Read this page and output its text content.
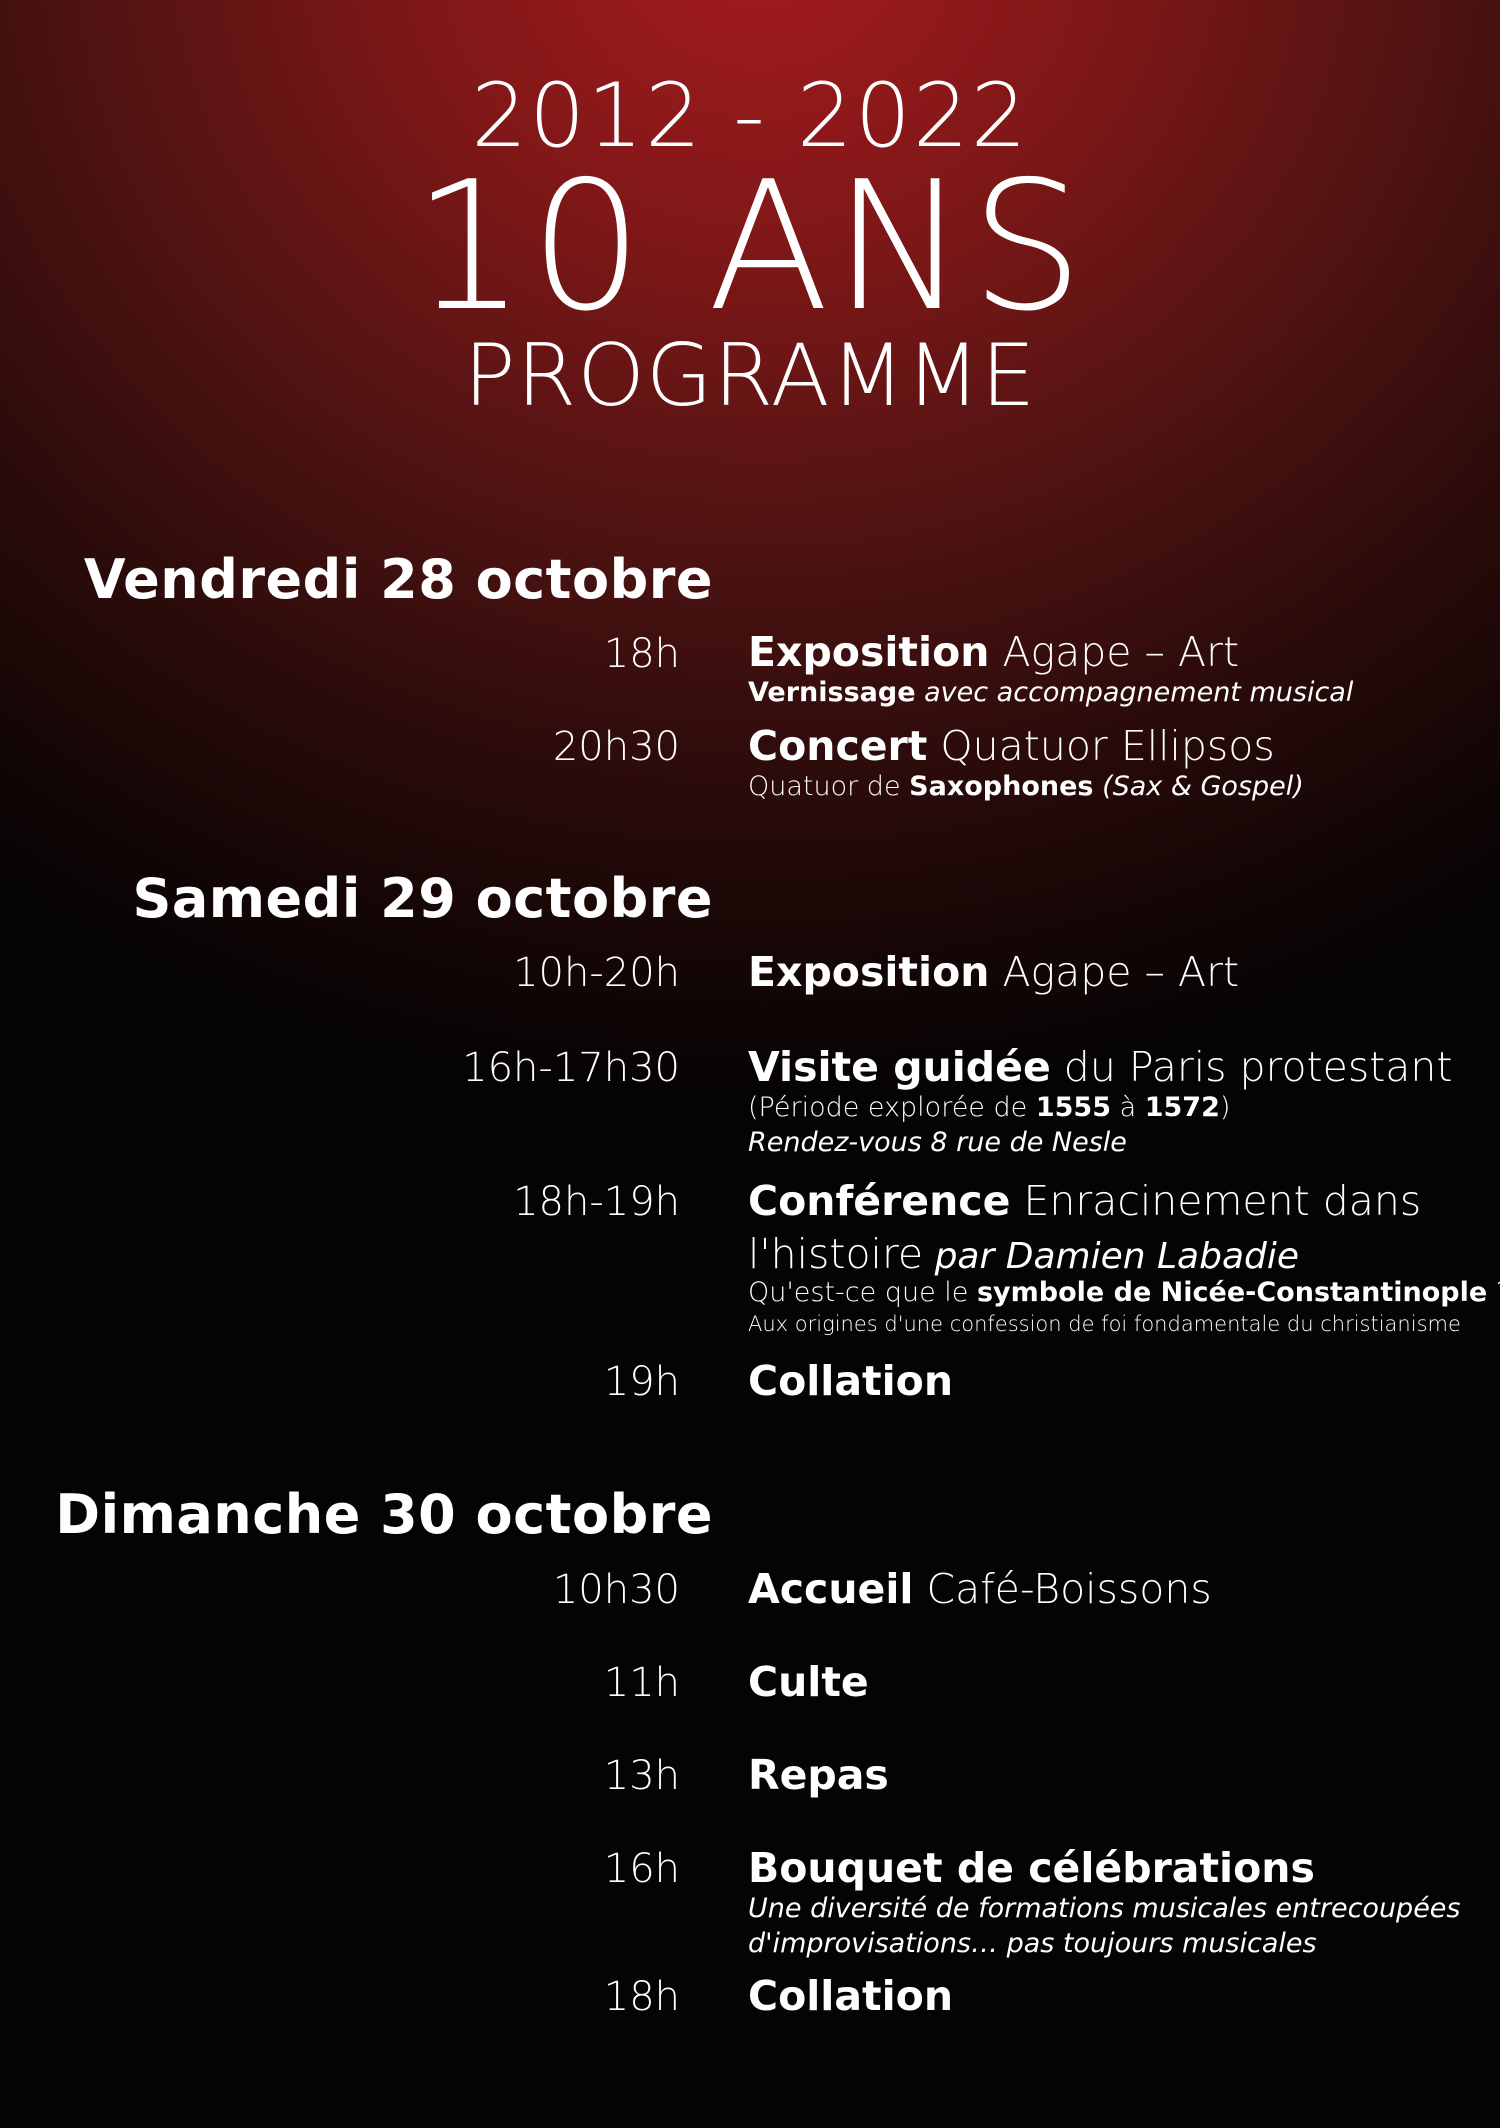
2012 - 2022
10 ANS
PROGRAMME
Vendredi 28 octobre
18h Exposition Agape – Art
Vernissage avec accompagnement musical
20h30 Concert Quatuor Ellipsos
Quatuor de Saxophones (Sax & Gospel)
Samedi 29 octobre
10h-20h Exposition Agape – Art
16h-17h30 Visite guidée du Paris protestant
(Période explorée de 1555 à 1572)
Rendez-vous 8 rue de Nesle
18h-19h Conférence Enracinement dans
l'histoire par Damien Labadie
Qu'est-ce que le symbole de Nicée-Constantinople ?
Aux origines d'une confession de foi fondamentale du christianisme
19h Collation
Dimanche 30 octobre
10h30 Accueil Café-Boissons
11h Culte
13h Repas
16h Bouquet de célébrations
Une diversité de formations musicales entrecoupées
d'improvisations… pas toujours musicales
18h Collation
